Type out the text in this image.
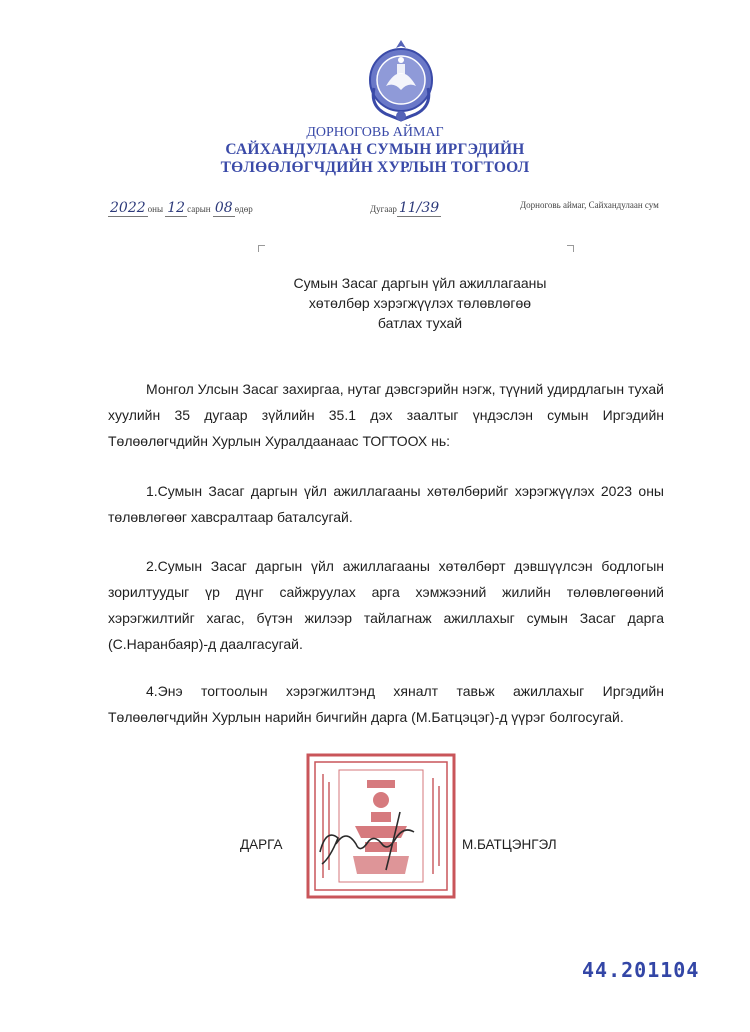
ДОРНОГОВЬ АЙМАГ
САЙХАНДУЛААН СУМЫН ИРГЭДИЙН
ТӨЛӨӨЛӨГЧДИЙН ХУРЛЫН ТОГТООЛ
2022 оны 12 сарын 08 өдөр	Дугаар 11/39	Дорноговь аймаг, Сайхандулаан сум
Сумын Засаг даргын үйл ажиллагааны
хөтөлбөр хэрэгжүүлэх төлөвлөгөө
батлах тухай
Монгол Улсын Засаг захиргаа, нутаг дэвсгэрийн нэгж, түүний удирдлагын тухай хуулийн 35 дугаар зүйлийн 35.1 дэх заалтыг үндэслэн сумын Иргэдийн Төлөөлөгчдийн Хурлын Хуралдаанаас ТОГТООХ нь:
1.Сумын Засаг даргын үйл ажиллагааны хөтөлбөрийг хэрэгжүүлэх 2023 оны төлөвлөгөөг хавсралтаар баталсугай.
2.Сумын Засаг даргын үйл ажиллагааны хөтөлбөрт дэвшүүлсэн бодлогын зорилтуудыг үр дүнг сайжруулах арга хэмжээний жилийн төлөвлөгөөний хэрэгжилтийг хагас, бүтэн жилээр тайлагнаж ажиллахыг сумын Засаг дарга (С.Наранбаяр)-д даалгасугай.
4.Энэ тогтоолын хэрэгжилтэнд хяналт тавьж ажиллахыг Иргэдийн Төлөөлөгчдийн Хурлын нарийн бичгийн дарга (М.Батцэцэг)-д үүрэг болгосугай.
ДАРГА	М.БАТЦЭНГЭЛ
44.201104
